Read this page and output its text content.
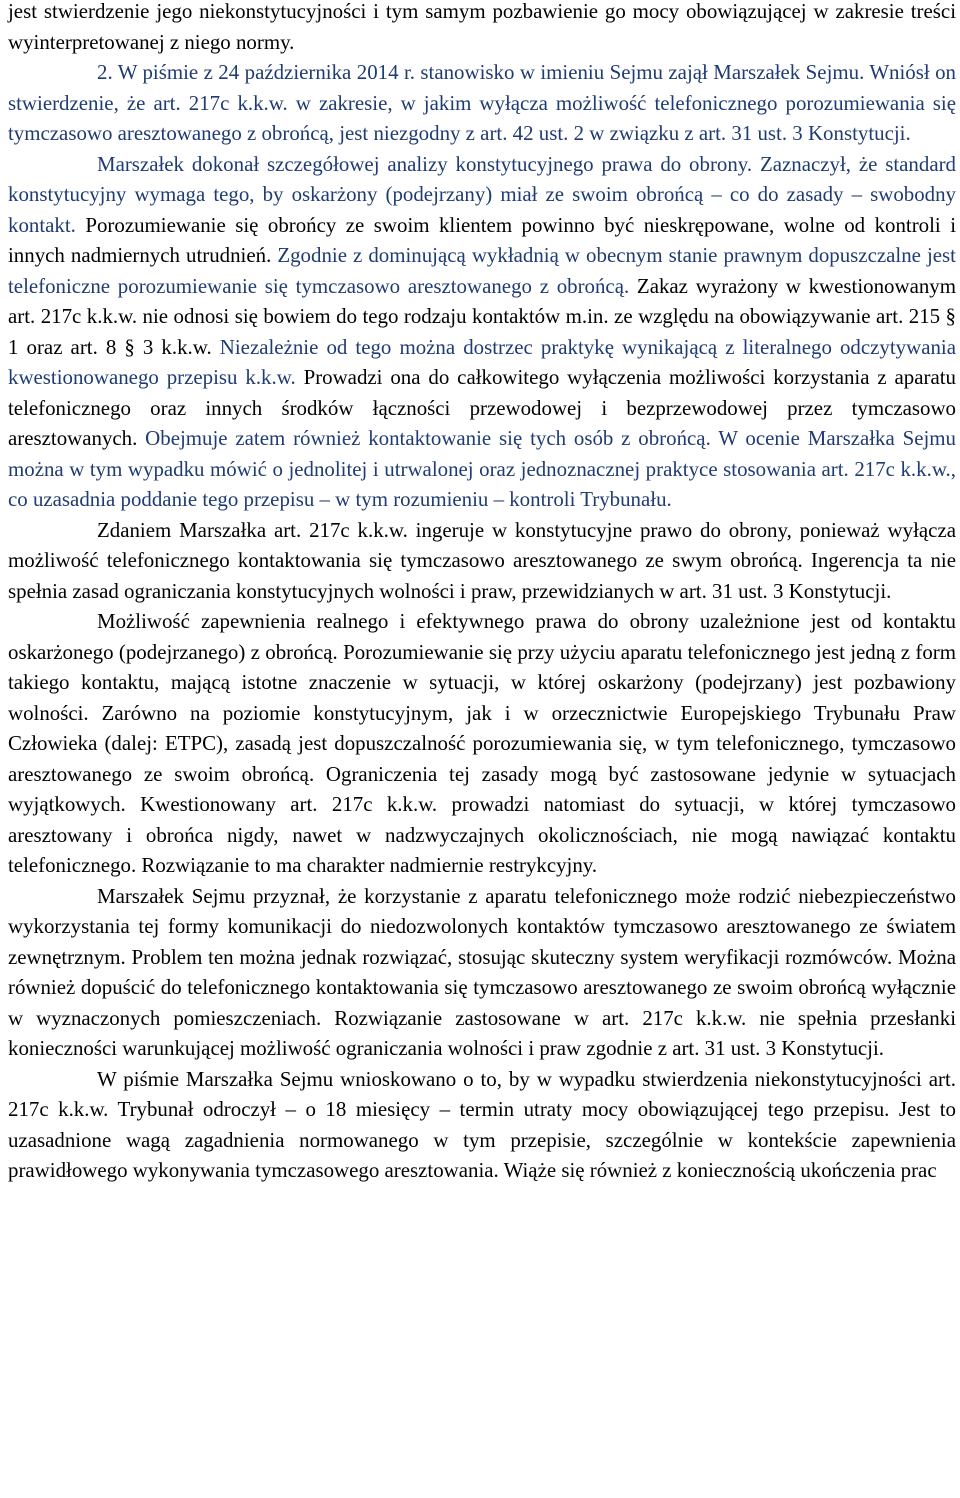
jest stwierdzenie jego niekonstytucyjności i tym samym pozbawienie go mocy obowiązującej w zakresie treści wyinterpretowanej z niego normy.

2. W piśmie z 24 października 2014 r. stanowisko w imieniu Sejmu zajął Marszałek Sejmu. Wniósł on stwierdzenie, że art. 217c k.k.w. w zakresie, w jakim wyłącza możliwość telefonicznego porozumiewania się tymczasowo aresztowanego z obrońcą, jest niezgodny z art. 42 ust. 2 w związku z art. 31 ust. 3 Konstytucji.

Marszałek dokonał szczegółowej analizy konstytucyjnego prawa do obrony. Zaznaczył, że standard konstytucyjny wymaga tego, by oskarżony (podejrzany) miał ze swoim obrońcą – co do zasady – swobodny kontakt. Porozumiewanie się obrońcy ze swoim klientem powinno być nieskrępowane, wolne od kontroli i innych nadmiernych utrudnień. Zgodnie z dominującą wykładnią w obecnym stanie prawnym dopuszczalne jest telefoniczne porozumiewanie się tymczasowo aresztowanego z obrońcą. Zakaz wyrażony w kwestionowanym art. 217c k.k.w. nie odnosi się bowiem do tego rodzaju kontaktów m.in. ze względu na obowiązywanie art. 215 § 1 oraz art. 8 § 3 k.k.w. Niezależnie od tego można dostrzec praktykę wynikającą z literalnego odczytywania kwestionowanego przepisu k.k.w. Prowadzi ona do całkowitego wyłączenia możliwości korzystania z aparatu telefonicznego oraz innych środków łączności przewodowej i bezprzewodowej przez tymczasowo aresztowanych. Obejmuje zatem również kontaktowanie się tych osób z obrońcą. W ocenie Marszałka Sejmu można w tym wypadku mówić o jednolitej i utrwalonej oraz jednoznacznej praktyce stosowania art. 217c k.k.w., co uzasadnia poddanie tego przepisu – w tym rozumieniu – kontroli Trybunału.

Zdaniem Marszałka art. 217c k.k.w. ingeruje w konstytucyjne prawo do obrony, ponieważ wyłącza możliwość telefonicznego kontaktowania się tymczasowo aresztowanego ze swym obrońcą. Ingerencja ta nie spełnia zasad ograniczania konstytucyjnych wolności i praw, przewidzianych w art. 31 ust. 3 Konstytucji.

Możliwość zapewnienia realnego i efektywnego prawa do obrony uzależnione jest od kontaktu oskarżonego (podejrzanego) z obrońcą. Porozumiewanie się przy użyciu aparatu telefonicznego jest jedną z form takiego kontaktu, mającą istotne znaczenie w sytuacji, w której oskarżony (podejrzany) jest pozbawiony wolności. Zarówno na poziomie konstytucyjnym, jak i w orzecznictwie Europejskiego Trybunału Praw Człowieka (dalej: ETPC), zasadą jest dopuszczalność porozumiewania się, w tym telefonicznego, tymczasowo aresztowanego ze swoim obrońcą. Ograniczenia tej zasady mogą być zastosowane jedynie w sytuacjach wyjątkowych. Kwestionowany art. 217c k.k.w. prowadzi natomiast do sytuacji, w której tymczasowo aresztowany i obrońca nigdy, nawet w nadzwyczajnych okolicznościach, nie mogą nawiązać kontaktu telefonicznego. Rozwiązanie to ma charakter nadmiernie restrykcyjny.

Marszałek Sejmu przyznał, że korzystanie z aparatu telefonicznego może rodzić niebezpieczeństwo wykorzystania tej formy komunikacji do niedozwolonych kontaktów tymczasowo aresztowanego ze światem zewnętrznym. Problem ten można jednak rozwiązać, stosując skuteczny system weryfikacji rozmówców. Można również dopuścić do telefonicznego kontaktowania się tymczasowo aresztowanego ze swoim obrońcą wyłącznie w wyznaczonych pomieszczeniach. Rozwiązanie zastosowane w art. 217c k.k.w. nie spełnia przesłanki konieczności warunkującej możliwość ograniczania wolności i praw zgodnie z art. 31 ust. 3 Konstytucji.

W piśmie Marszałka Sejmu wnioskowano o to, by w wypadku stwierdzenia niekonstytucyjności art. 217c k.k.w. Trybunał odroczył – o 18 miesięcy – termin utraty mocy obowiązującej tego przepisu. Jest to uzasadnione wagą zagadnienia normowanego w tym przepisie, szczególnie w kontekście zapewnienia prawidłowego wykonywania tymczasowego aresztowania. Wiąże się również z koniecznością ukończenia prac
